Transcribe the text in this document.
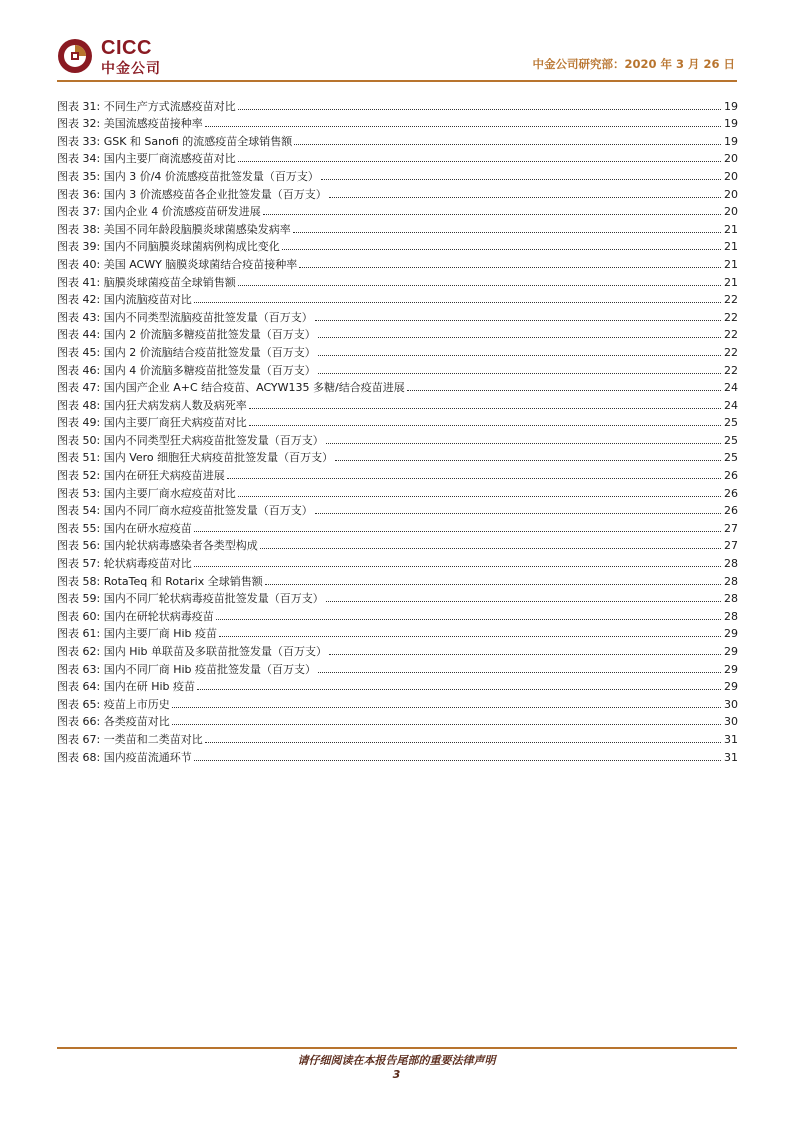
CICC
中金公司	中金公司研究部：2020 年 3 月 26 日
图表 31:
不同生产方式流感疫苗对比	19
图表 32:
美国流感疫苗接种率	19
图表 33:
GSK 和 Sanofi 的流感疫苗全球销售额	19
图表 34:
国内主要厂商流感疫苗对比	20
图表 35:
国内 3 价/4 价流感疫苗批签发量（百万支）	20
图表 36:
国内 3 价流感疫苗各企业批签发量（百万支）	20
图表 37:
国内企业 4 价流感疫苗研发进展	20
图表 38:
美国不同年龄段脑膜炎球菌感染发病率	21
图表 39:
国内不同脑膜炎球菌病例构成比变化	21
图表 40:
美国 ACWY 脑膜炎球菌结合疫苗接种率	21
图表 41:
脑膜炎球菌疫苗全球销售额	21
图表 42:
国内流脑疫苗对比	22
图表 43:
国内不同类型流脑疫苗批签发量（百万支）	22
图表 44:
国内 2 价流脑多糖疫苗批签发量（百万支）	22
图表 45:
国内 2 价流脑结合疫苗批签发量（百万支）	22
图表 46:
国内 4 价流脑多糖疫苗批签发量（百万支）	22
图表 47:
国内国产企业 A+C 结合疫苗、ACYW135 多糖/结合疫苗进展	24
图表 48:
国内狂犬病发病人数及病死率	24
图表 49:
国内主要厂商狂犬病疫苗对比	25
图表 50:
国内不同类型狂犬病疫苗批签发量（百万支）	25
图表 51:
国内 Vero 细胞狂犬病疫苗批签发量（百万支）	25
图表 52:
国内在研狂犬病疫苗进展	26
图表 53:
国内主要厂商水痘疫苗对比	26
图表 54:
国内不同厂商水痘疫苗批签发量（百万支）	26
图表 55:
国内在研水痘疫苗	27
图表 56:
国内轮状病毒感染者各类型构成	27
图表 57:
轮状病毒疫苗对比	28
图表 58:
RotaTeq 和 Rotarix 全球销售额	28
图表 59:
国内不同厂轮状病毒疫苗批签发量（百万支）	28
图表 60:
国内在研轮状病毒疫苗	28
图表 61:
国内主要厂商 Hib 疫苗	29
图表 62:
国内 Hib 单联苗及多联苗批签发量（百万支）	29
图表 63:
国内不同厂商 Hib 疫苗批签发量（百万支）	29
图表 64:
国内在研 Hib 疫苗	29
图表 65:
疫苗上市历史	30
图表 66:
各类疫苗对比	30
图表 67:
一类苗和二类苗对比	31
图表 68:
国内疫苗流通环节	31
请仔细阅读在本报告尾部的重要法律声明
3
